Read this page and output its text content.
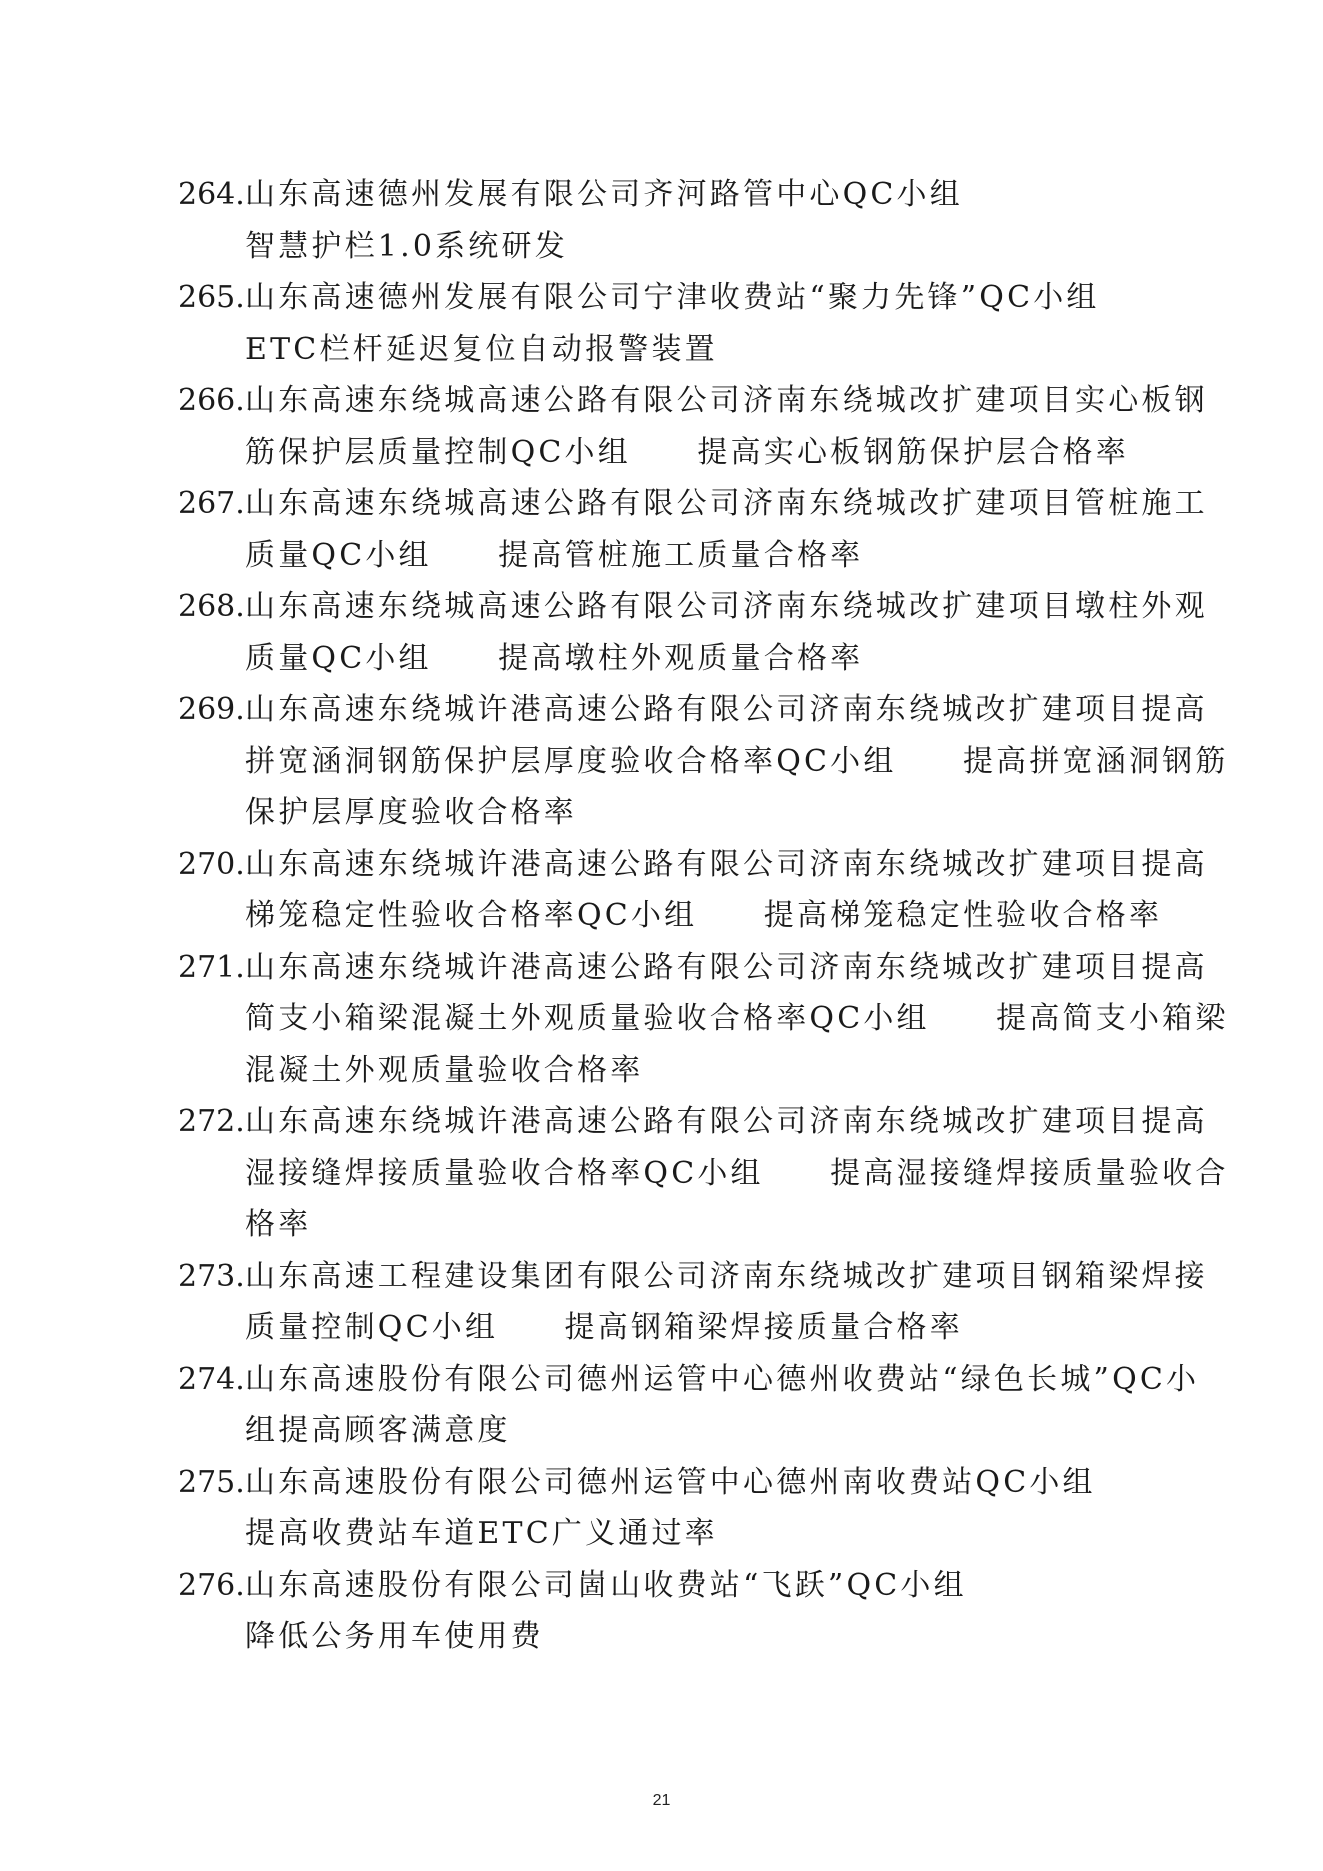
264. 山东高速德州发展有限公司齐河路管中心QC小组
智慧护栏1.0系统研发
265. 山东高速德州发展有限公司宁津收费站“聚力先锋”QC小组
ETC栏杆延迟复位自动报警装置
266. 山东高速东绕城高速公路有限公司济南东绕城改扩建项目实心板钢
筋保护层质量控制QC小组　　提高实心板钢筋保护层合格率
267. 山东高速东绕城高速公路有限公司济南东绕城改扩建项目管桩施工
质量QC小组　　提高管桩施工质量合格率
268. 山东高速东绕城高速公路有限公司济南东绕城改扩建项目墩柱外观
质量QC小组　　提高墩柱外观质量合格率
269. 山东高速东绕城许港高速公路有限公司济南东绕城改扩建项目提高
拼宽涵洞钢筋保护层厚度验收合格率QC小组　　提高拼宽涵洞钢筋
保护层厚度验收合格率
270. 山东高速东绕城许港高速公路有限公司济南东绕城改扩建项目提高
梯笼稳定性验收合格率QC小组　　提高梯笼稳定性验收合格率
271. 山东高速东绕城许港高速公路有限公司济南东绕城改扩建项目提高
简支小箱梁混凝土外观质量验收合格率QC小组　　提高简支小箱梁
混凝土外观质量验收合格率
272. 山东高速东绕城许港高速公路有限公司济南东绕城改扩建项目提高
湿接缝焊接质量验收合格率QC小组　　提高湿接缝焊接质量验收合
格率
273. 山东高速工程建设集团有限公司济南东绕城改扩建项目钢箱梁焊接
质量控制QC小组　　提高钢箱梁焊接质量合格率
274. 山东高速股份有限公司德州运管中心德州收费站“绿色长城”QC小
组提高顾客满意度
275. 山东高速股份有限公司德州运管中心德州南收费站QC小组
提高收费站车道ETC广义通过率
276. 山东高速股份有限公司崮山收费站“飞跃”QC小组
降低公务用车使用费
21
